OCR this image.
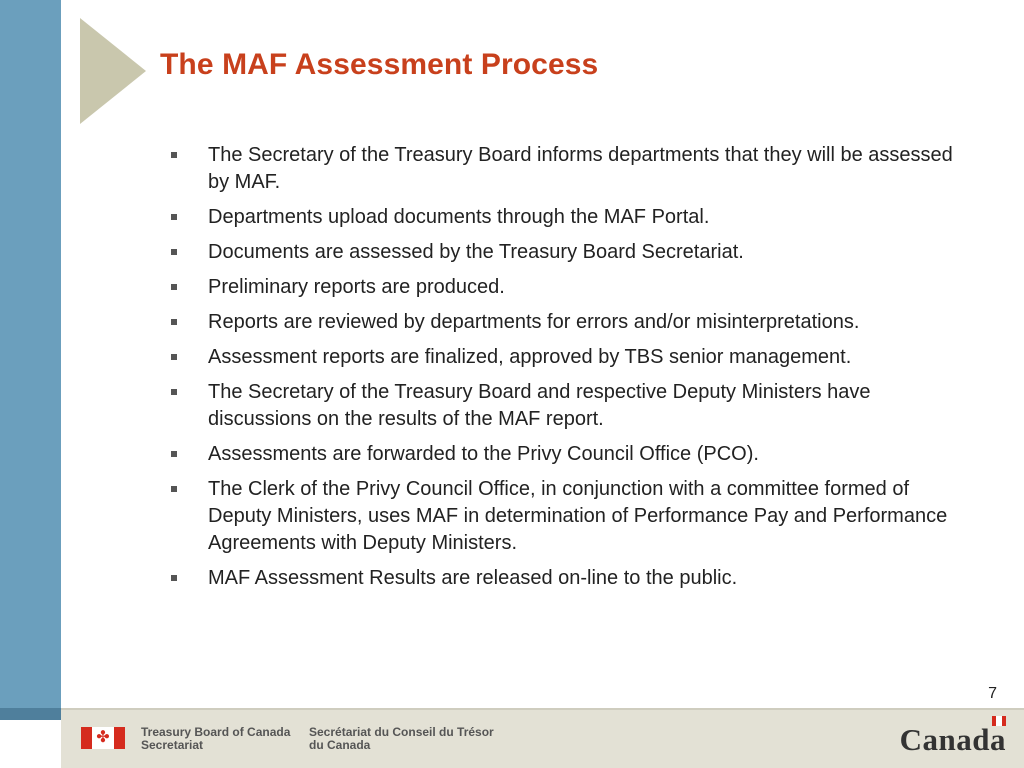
The MAF Assessment Process
The Secretary of the Treasury Board informs departments that they will be assessed by MAF.
Departments upload documents through the MAF Portal.
Documents are assessed by the Treasury Board Secretariat.
Preliminary reports are produced.
Reports are reviewed by departments for errors and/or misinterpretations.
Assessment reports are finalized, approved by TBS senior management.
The Secretary of the Treasury Board and respective Deputy Ministers have discussions on the results of the MAF report.
Assessments are forwarded to the Privy Council Office (PCO).
The Clerk of the Privy Council Office, in conjunction with a committee formed of Deputy Ministers, uses MAF in determination of Performance Pay and Performance Agreements with Deputy Ministers.
MAF Assessment Results are released on-line to the public.
7
✤	Treasury Board of Canada
Secretariat
Secrétariat du Conseil du Trésor
du Canada	Canada
